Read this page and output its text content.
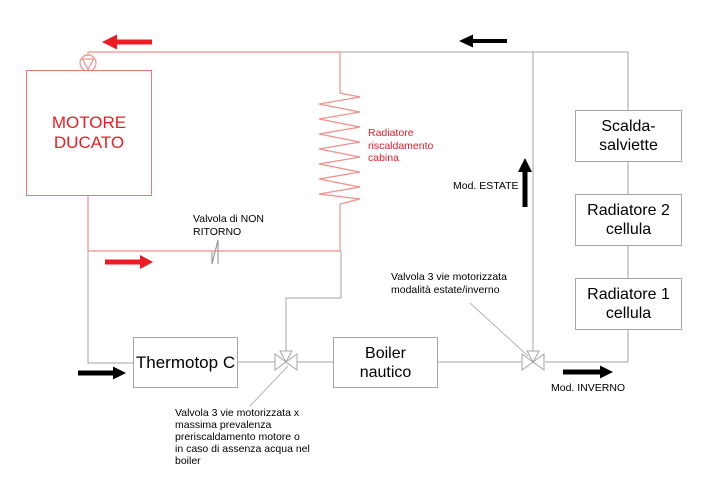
MOTORE
DUCATO
Thermotop C	Boiler
nautico
Scalda-
salviette
Radiatore 2
cellula
Radiatore 1
cellula
Valvola di NON
RITORNO
Radiatore
riscaldamento
cabina
Mod. ESTATE
Valvola 3 vie motorizzata
modalità estate/inverno
Mod. INVERNO
Valvola 3 vie motorizzata x
massima prevalenza
preriscaldamento motore o
in caso di assenza acqua nel
boiler
